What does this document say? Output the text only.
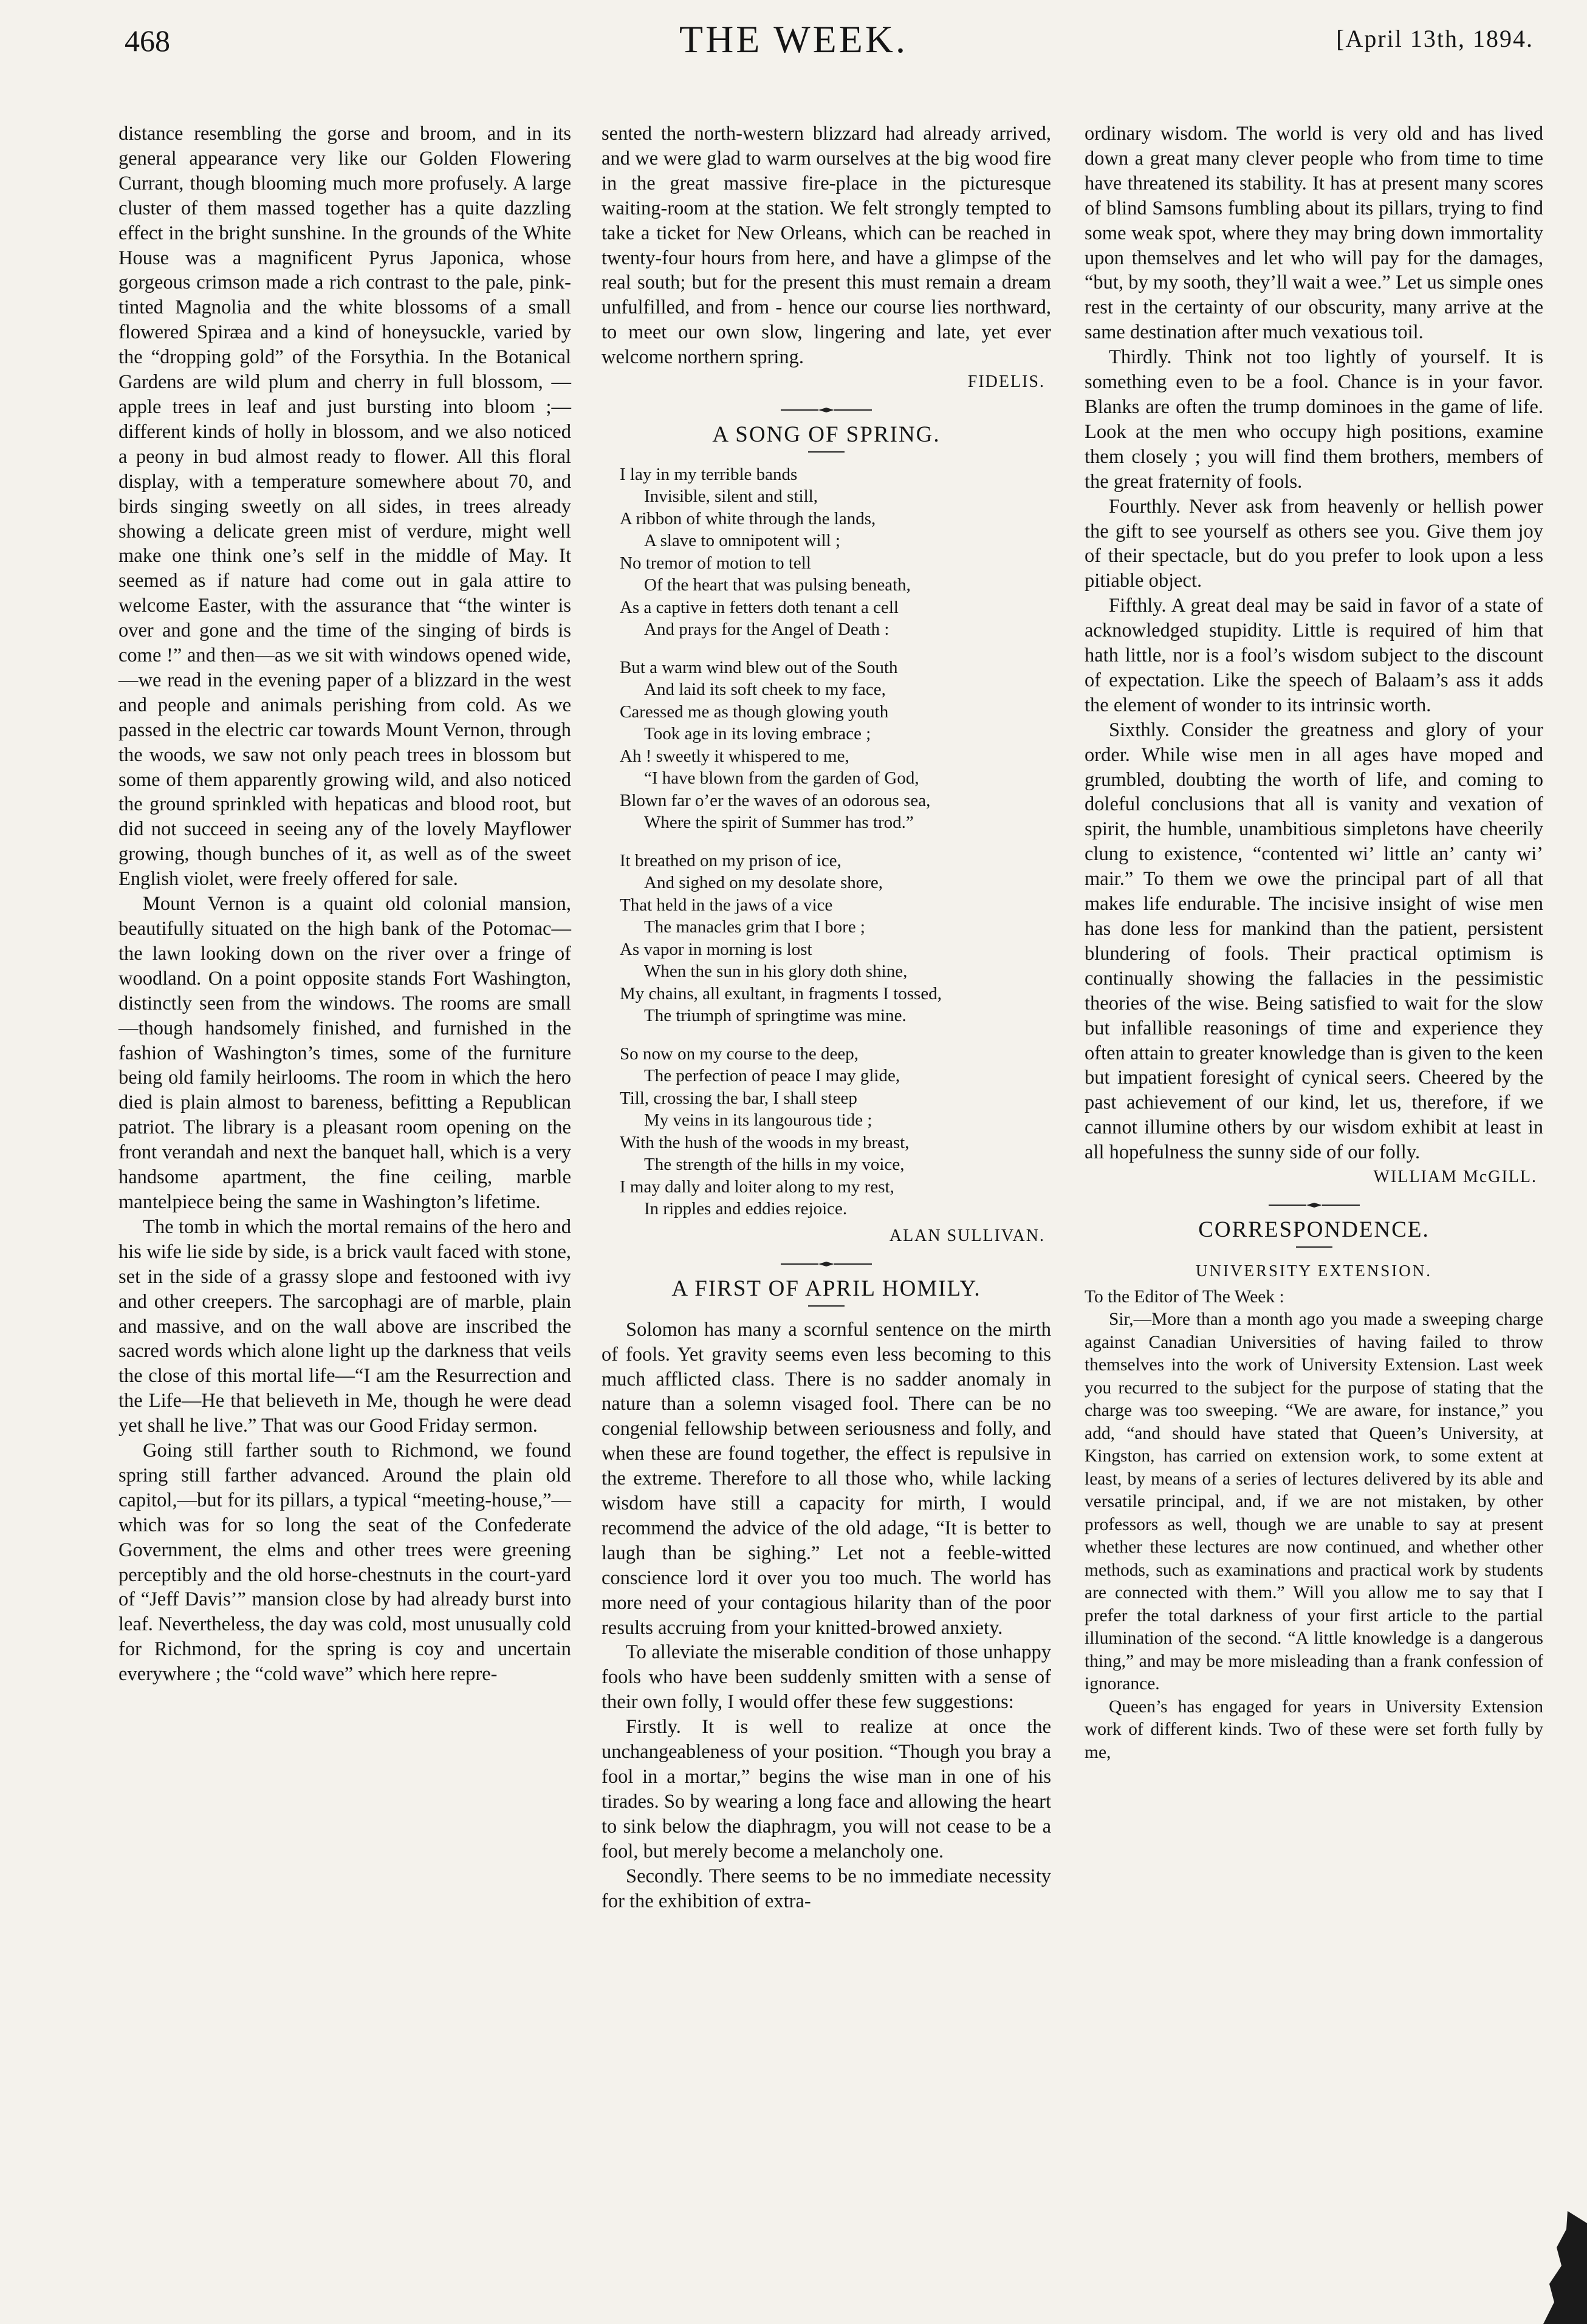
468	THE WEEK.	[April 13th, 1894.

distance resembling the gorse and broom, and in its general appearance very like our Golden Flowering Currant, though blooming much more profusely. A large cluster of them massed together has a quite dazzling effect in the bright sunshine. In the grounds of the White House was a magnificent Pyrus Japonica, whose gorgeous crimson made a rich contrast to the pale, pink-tinted Magnolia and the white blossoms of a small flowered Spiræa and a kind of honeysuckle, varied by the “dropping gold” of the Forsythia. In the Botanical Gardens are wild plum and cherry in full blossom, —apple trees in leaf and just bursting into bloom ;—different kinds of holly in blossom, and we also noticed a peony in bud almost ready to flower. All this floral display, with a temperature somewhere about 70, and birds singing sweetly on all sides, in trees already showing a delicate green mist of verdure, might well make one think one’s self in the middle of May. It seemed as if nature had come out in gala attire to welcome Easter, with the assurance that “the winter is over and gone and the time of the singing of birds is come !” and then—as we sit with windows opened wide,—we read in the evening paper of a blizzard in the west and people and animals perishing from cold. As we passed in the electric car towards Mount Vernon, through the woods, we saw not only peach trees in blossom but some of them apparently growing wild, and also noticed the ground sprinkled with hepaticas and blood root, but did not succeed in seeing any of the lovely Mayflower growing, though bunches of it, as well as of the sweet English violet, were freely offered for sale.

Mount Vernon is a quaint old colonial mansion, beautifully situated on the high bank of the Potomac—the lawn looking down on the river over a fringe of woodland. On a point opposite stands Fort Washington, distinctly seen from the windows. The rooms are small—though handsomely finished, and furnished in the fashion of Washington’s times, some of the furniture being old family heirlooms. The room in which the hero died is plain almost to bareness, befitting a Republican patriot. The library is a pleasant room opening on the front verandah and next the banquet hall, which is a very handsome apartment, the fine ceiling, marble mantelpiece being the same in Washington’s lifetime.

The tomb in which the mortal remains of the hero and his wife lie side by side, is a brick vault faced with stone, set in the side of a grassy slope and festooned with ivy and other creepers. The sarcophagi are of marble, plain and massive, and on the wall above are inscribed the sacred words which alone light up the darkness that veils the close of this mortal life—“I am the Resurrection and the Life—He that believeth in Me, though he were dead yet shall he live.” That was our Good Friday sermon.

Going still farther south to Richmond, we found spring still farther advanced. Around the plain old capitol,—but for its pillars, a typical “meeting-house,”—which was for so long the seat of the Confederate Government, the elms and other trees were greening perceptibly and the old horse-chestnuts in the court-yard of “Jeff Davis’” mansion close by had already burst into leaf. Nevertheless, the day was cold, most unusually cold for Richmond, for the spring is coy and uncertain everywhere ; the “cold wave” which here repre-

sented the north-western blizzard had already arrived, and we were glad to warm ourselves at the big wood fire in the great massive fire-place in the picturesque waiting-room at the station. We felt strongly tempted to take a ticket for New Orleans, which can be reached in twenty-four hours from here, and have a glimpse of the real south; but for the present this must remain a dream unfulfilled, and from - hence our course lies northward, to meet our own slow, lingering and late, yet ever welcome northern spring.

FIDELIS.

A SONG OF SPRING.
I lay in my terrible bands
Invisible, silent and still,
A ribbon of white through the lands,
A slave to omnipotent will ;
No tremor of motion to tell
Of the heart that was pulsing beneath,
As a captive in fetters doth tenant a cell
And prays for the Angel of Death :
But a warm wind blew out of the South
And laid its soft cheek to my face,
Caressed me as though glowing youth
Took age in its loving embrace ;
Ah ! sweetly it whispered to me,
“I have blown from the garden of God,
Blown far o’er the waves of an odorous sea,
Where the spirit of Summer has trod.”
It breathed on my prison of ice,
And sighed on my desolate shore,
That held in the jaws of a vice
The manacles grim that I bore ;
As vapor in morning is lost
When the sun in his glory doth shine,
My chains, all exultant, in fragments I tossed,
The triumph of springtime was mine.
So now on my course to the deep,
The perfection of peace I may glide,
Till, crossing the bar, I shall steep
My veins in its langourous tide ;
With the hush of the woods in my breast,
The strength of the hills in my voice,
I may dally and loiter along to my rest,
In ripples and eddies rejoice.

ALAN SULLIVAN.

A FIRST OF APRIL HOMILY.

Solomon has many a scornful sentence on the mirth of fools. Yet gravity seems even less becoming to this much afflicted class. There is no sadder anomaly in nature than a solemn visaged fool. There can be no congenial fellowship between seriousness and folly, and when these are found together, the effect is repulsive in the extreme. Therefore to all those who, while lacking wisdom have still a capacity for mirth, I would recommend the advice of the old adage, “It is better to laugh than be sighing.” Let not a feeble-witted conscience lord it over you too much. The world has more need of your contagious hilarity than of the poor results accruing from your knitted-browed anxiety.

To alleviate the miserable condition of those unhappy fools who have been suddenly smitten with a sense of their own folly, I would offer these few suggestions:

Firstly. It is well to realize at once the unchangeableness of your position. “Though you bray a fool in a mortar,” begins the wise man in one of his tirades. So by wearing a long face and allowing the heart to sink below the diaphragm, you will not cease to be a fool, but merely become a melancholy one.

Secondly. There seems to be no immediate necessity for the exhibition of extra-

ordinary wisdom. The world is very old and has lived down a great many clever people who from time to time have threatened its stability. It has at present many scores of blind Samsons fumbling about its pillars, trying to find some weak spot, where they may bring down immortality upon themselves and let who will pay for the damages, “but, by my sooth, they’ll wait a wee.” Let us simple ones rest in the certainty of our obscurity, many arrive at the same destination after much vexatious toil.

Thirdly. Think not too lightly of yourself. It is something even to be a fool. Chance is in your favor. Blanks are often the trump dominoes in the game of life. Look at the men who occupy high positions, examine them closely ; you will find them brothers, members of the great fraternity of fools.

Fourthly. Never ask from heavenly or hellish power the gift to see yourself as others see you. Give them joy of their spectacle, but do you prefer to look upon a less pitiable object.

Fifthly. A great deal may be said in favor of a state of acknowledged stupidity. Little is required of him that hath little, nor is a fool’s wisdom subject to the discount of expectation. Like the speech of Balaam’s ass it adds the element of wonder to its intrinsic worth.

Sixthly. Consider the greatness and glory of your order. While wise men in all ages have moped and grumbled, doubting the worth of life, and coming to doleful conclusions that all is vanity and vexation of spirit, the humble, unambitious simpletons have cheerily clung to existence, “contented wi’ little an’ canty wi’ mair.” To them we owe the principal part of all that makes life endurable. The incisive insight of wise men has done less for mankind than the patient, persistent blundering of fools. Their practical optimism is continually showing the fallacies in the pessimistic theories of the wise. Being satisfied to wait for the slow but infallible reasonings of time and experience they often attain to greater knowledge than is given to the keen but impatient foresight of cynical seers. Cheered by the past achievement of our kind, let us, therefore, if we cannot illumine others by our wisdom exhibit at least in all hopefulness the sunny side of our folly.

WILLIAM McGILL.

CORRESPONDENCE.
UNIVERSITY EXTENSION.

To the Editor of The Week :

Sir,—More than a month ago you made a sweeping charge against Canadian Universities of having failed to throw themselves into the work of University Extension. Last week you recurred to the subject for the purpose of stating that the charge was too sweeping. “We are aware, for instance,” you add, “and should have stated that Queen’s University, at Kingston, has carried on extension work, to some extent at least, by means of a series of lectures delivered by its able and versatile principal, and, if we are not mistaken, by other professors as well, though we are unable to say at present whether these lectures are now continued, and whether other methods, such as examinations and practical work by students are connected with them.” Will you allow me to say that I prefer the total darkness of your first article to the partial illumination of the second. “A little knowledge is a dangerous thing,” and may be more misleading than a frank confession of ignorance.

Queen’s has engaged for years in University Extension work of different kinds. Two of these were set forth fully by me,
